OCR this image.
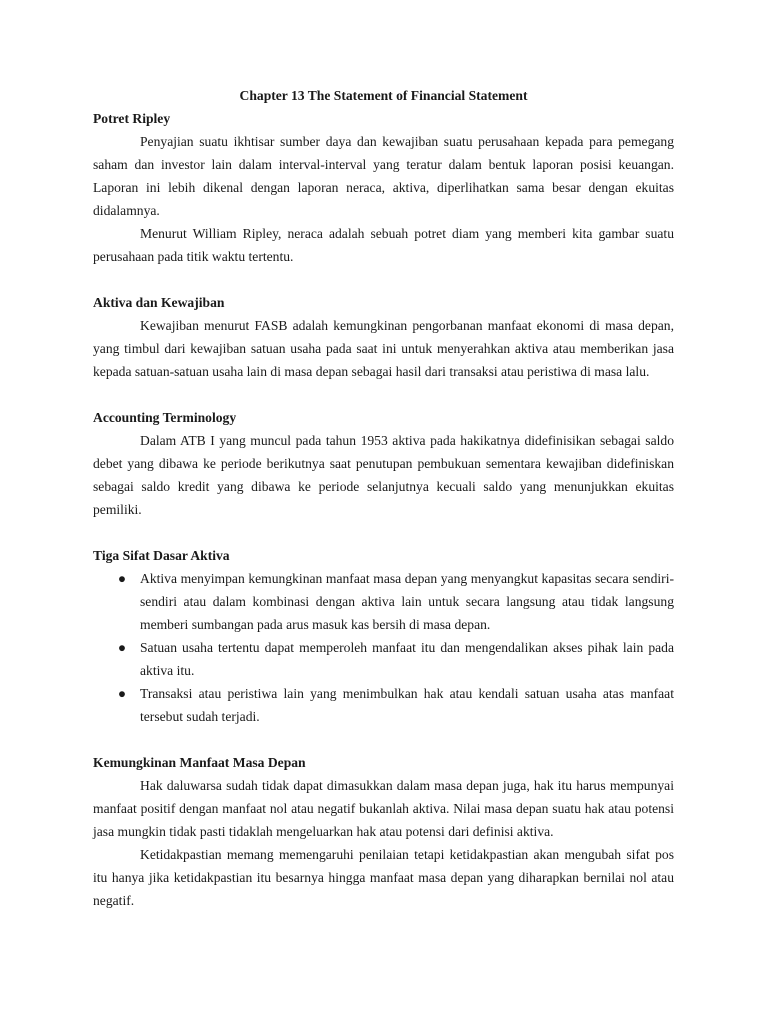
Chapter 13 The Statement of Financial Statement

Potret Ripley

Penyajian suatu ikhtisar sumber daya dan kewajiban suatu perusahaan kepada para pemegang saham dan investor lain dalam interval-interval yang teratur dalam bentuk laporan posisi keuangan. Laporan ini lebih dikenal dengan laporan neraca, aktiva, diperlihatkan sama besar dengan ekuitas didalamnya.

Menurut William Ripley, neraca adalah sebuah potret diam yang memberi kita gambar suatu perusahaan pada titik waktu tertentu.

Aktiva dan Kewajiban

Kewajiban menurut FASB adalah kemungkinan pengorbanan manfaat ekonomi di masa depan, yang timbul dari kewajiban satuan usaha pada saat ini untuk menyerahkan aktiva atau memberikan jasa kepada satuan-satuan usaha lain di masa depan sebagai hasil dari transaksi atau peristiwa di masa lalu.

Accounting Terminology

Dalam ATB I yang muncul pada tahun 1953 aktiva pada hakikatnya didefinisikan sebagai saldo debet yang dibawa ke periode berikutnya saat penutupan pembukuan sementara kewajiban didefiniskan sebagai saldo kredit yang dibawa ke periode selanjutnya kecuali saldo yang menunjukkan ekuitas pemiliki.

Tiga Sifat Dasar Aktiva

● Aktiva menyimpan kemungkinan manfaat masa depan yang menyangkut kapasitas secara sendiri-sendiri atau dalam kombinasi dengan aktiva lain untuk secara langsung atau tidak langsung memberi sumbangan pada arus masuk kas bersih di masa depan.
● Satuan usaha tertentu dapat memperoleh manfaat itu dan mengendalikan akses pihak lain pada aktiva itu.
● Transaksi atau peristiwa lain yang menimbulkan hak atau kendali satuan usaha atas manfaat tersebut sudah terjadi.

Kemungkinan Manfaat Masa Depan

Hak daluwarsa sudah tidak dapat dimasukkan dalam masa depan juga, hak itu harus mempunyai manfaat positif dengan manfaat nol atau negatif bukanlah aktiva. Nilai masa depan suatu hak atau potensi jasa mungkin tidak pasti tidaklah mengeluarkan hak atau potensi dari definisi aktiva.

Ketidakpastian memang memengaruhi penilaian tetapi ketidakpastian akan mengubah sifat pos itu hanya jika ketidakpastian itu besarnya hingga manfaat masa depan yang diharapkan bernilai nol atau negatif.
